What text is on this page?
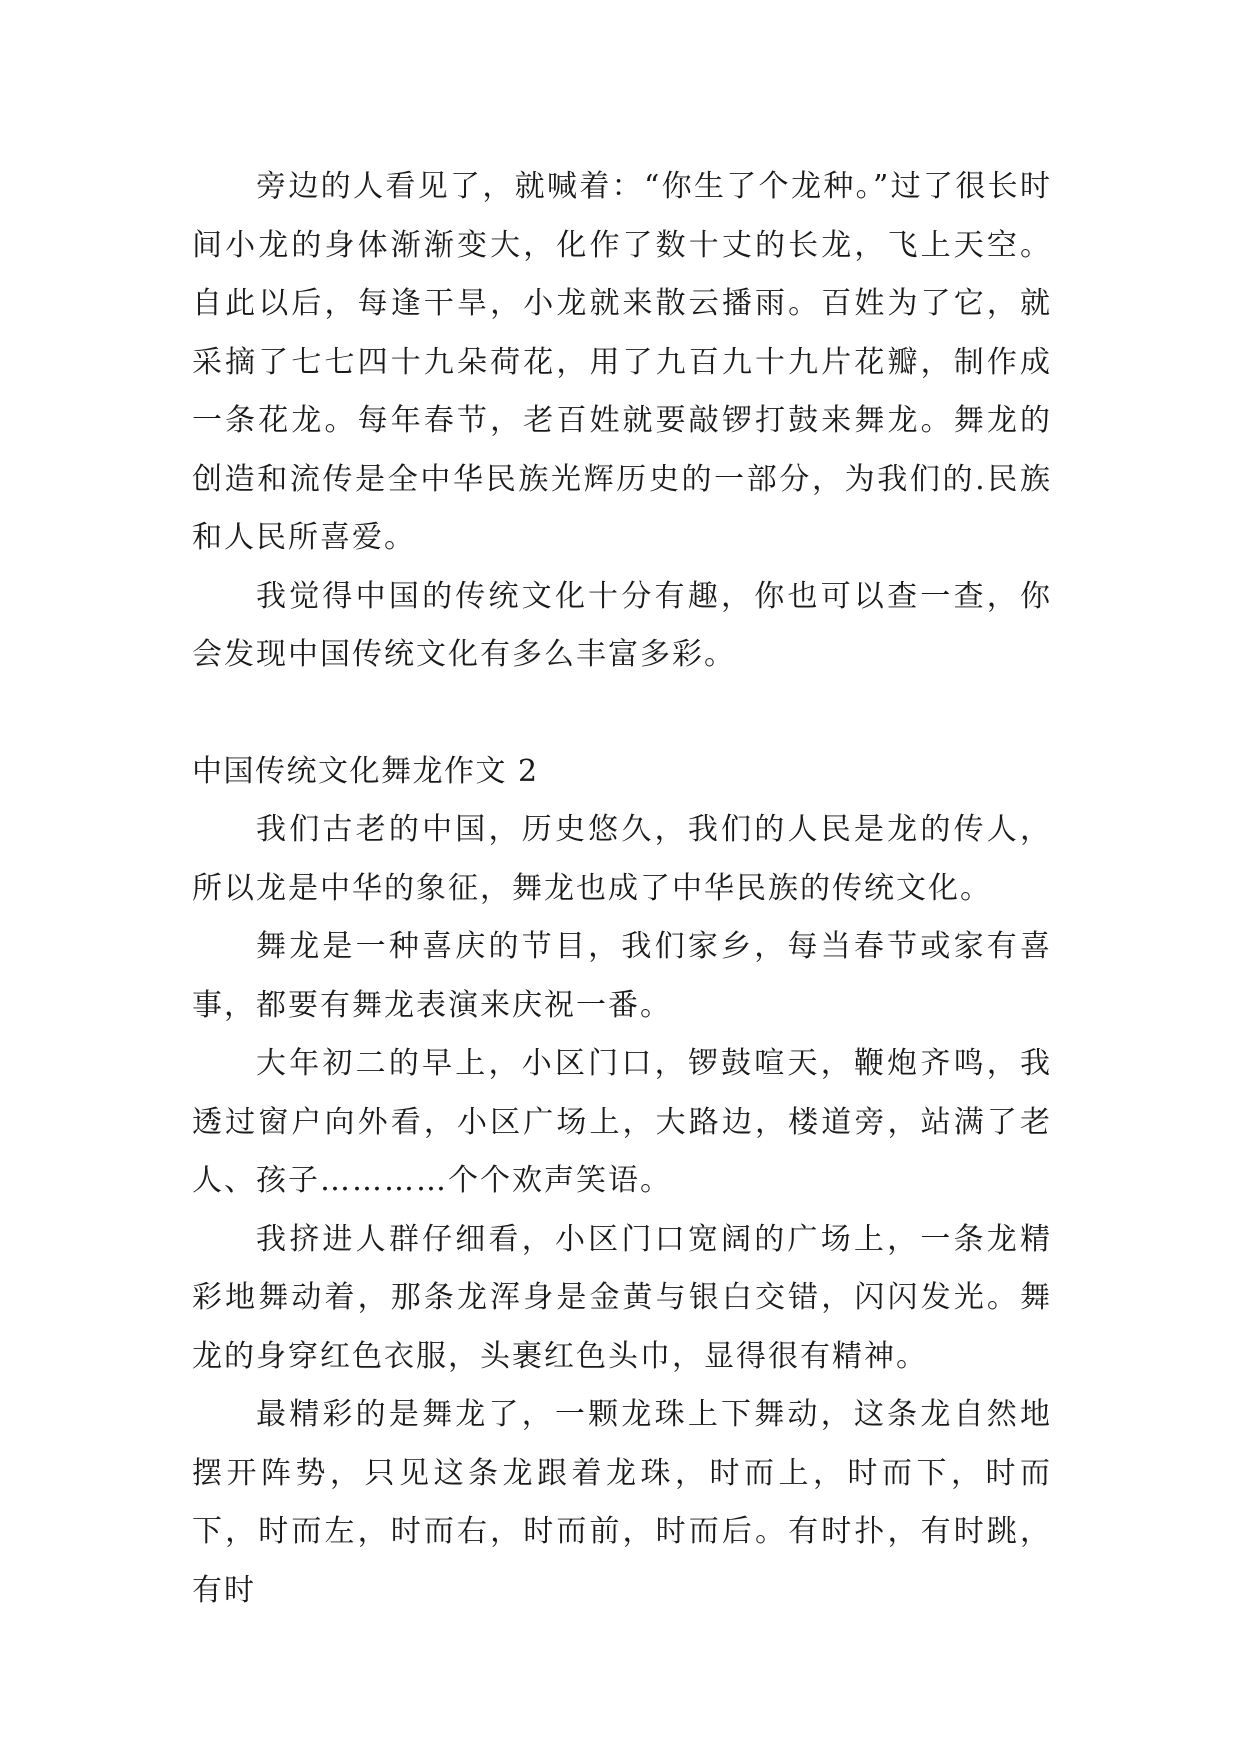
旁边的人看见了，就喊着：“你生了个龙种。”过了很长时间小龙的身体渐渐变大，化作了数十丈的长龙，飞上天空。自此以后，每逢干旱，小龙就来散云播雨。百姓为了它，就采摘了七七四十九朵荷花，用了九百九十九片花瓣，制作成一条花龙。每年春节，老百姓就要敲锣打鼓来舞龙。舞龙的创造和流传是全中华民族光辉历史的一部分，为我们的.民族和人民所喜爱。

我觉得中国的传统文化十分有趣，你也可以查一查，你会发现中国传统文化有多么丰富多彩。

中国传统文化舞龙作文 2

我们古老的中国，历史悠久，我们的人民是龙的传人，所以龙是中华的象征，舞龙也成了中华民族的传统文化。

舞龙是一种喜庆的节目，我们家乡，每当春节或家有喜事，都要有舞龙表演来庆祝一番。

大年初二的早上，小区门口，锣鼓喧天，鞭炮齐鸣，我透过窗户向外看，小区广场上，大路边，楼道旁，站满了老人、孩子…………个个欢声笑语。

我挤进人群仔细看，小区门口宽阔的广场上，一条龙精彩地舞动着，那条龙浑身是金黄与银白交错，闪闪发光。舞龙的身穿红色衣服，头裹红色头巾，显得很有精神。

最精彩的是舞龙了，一颗龙珠上下舞动，这条龙自然地摆开阵势，只见这条龙跟着龙珠，时而上，时而下，时而下，时而左，时而右，时而前，时而后。有时扑，有时跳，有时
